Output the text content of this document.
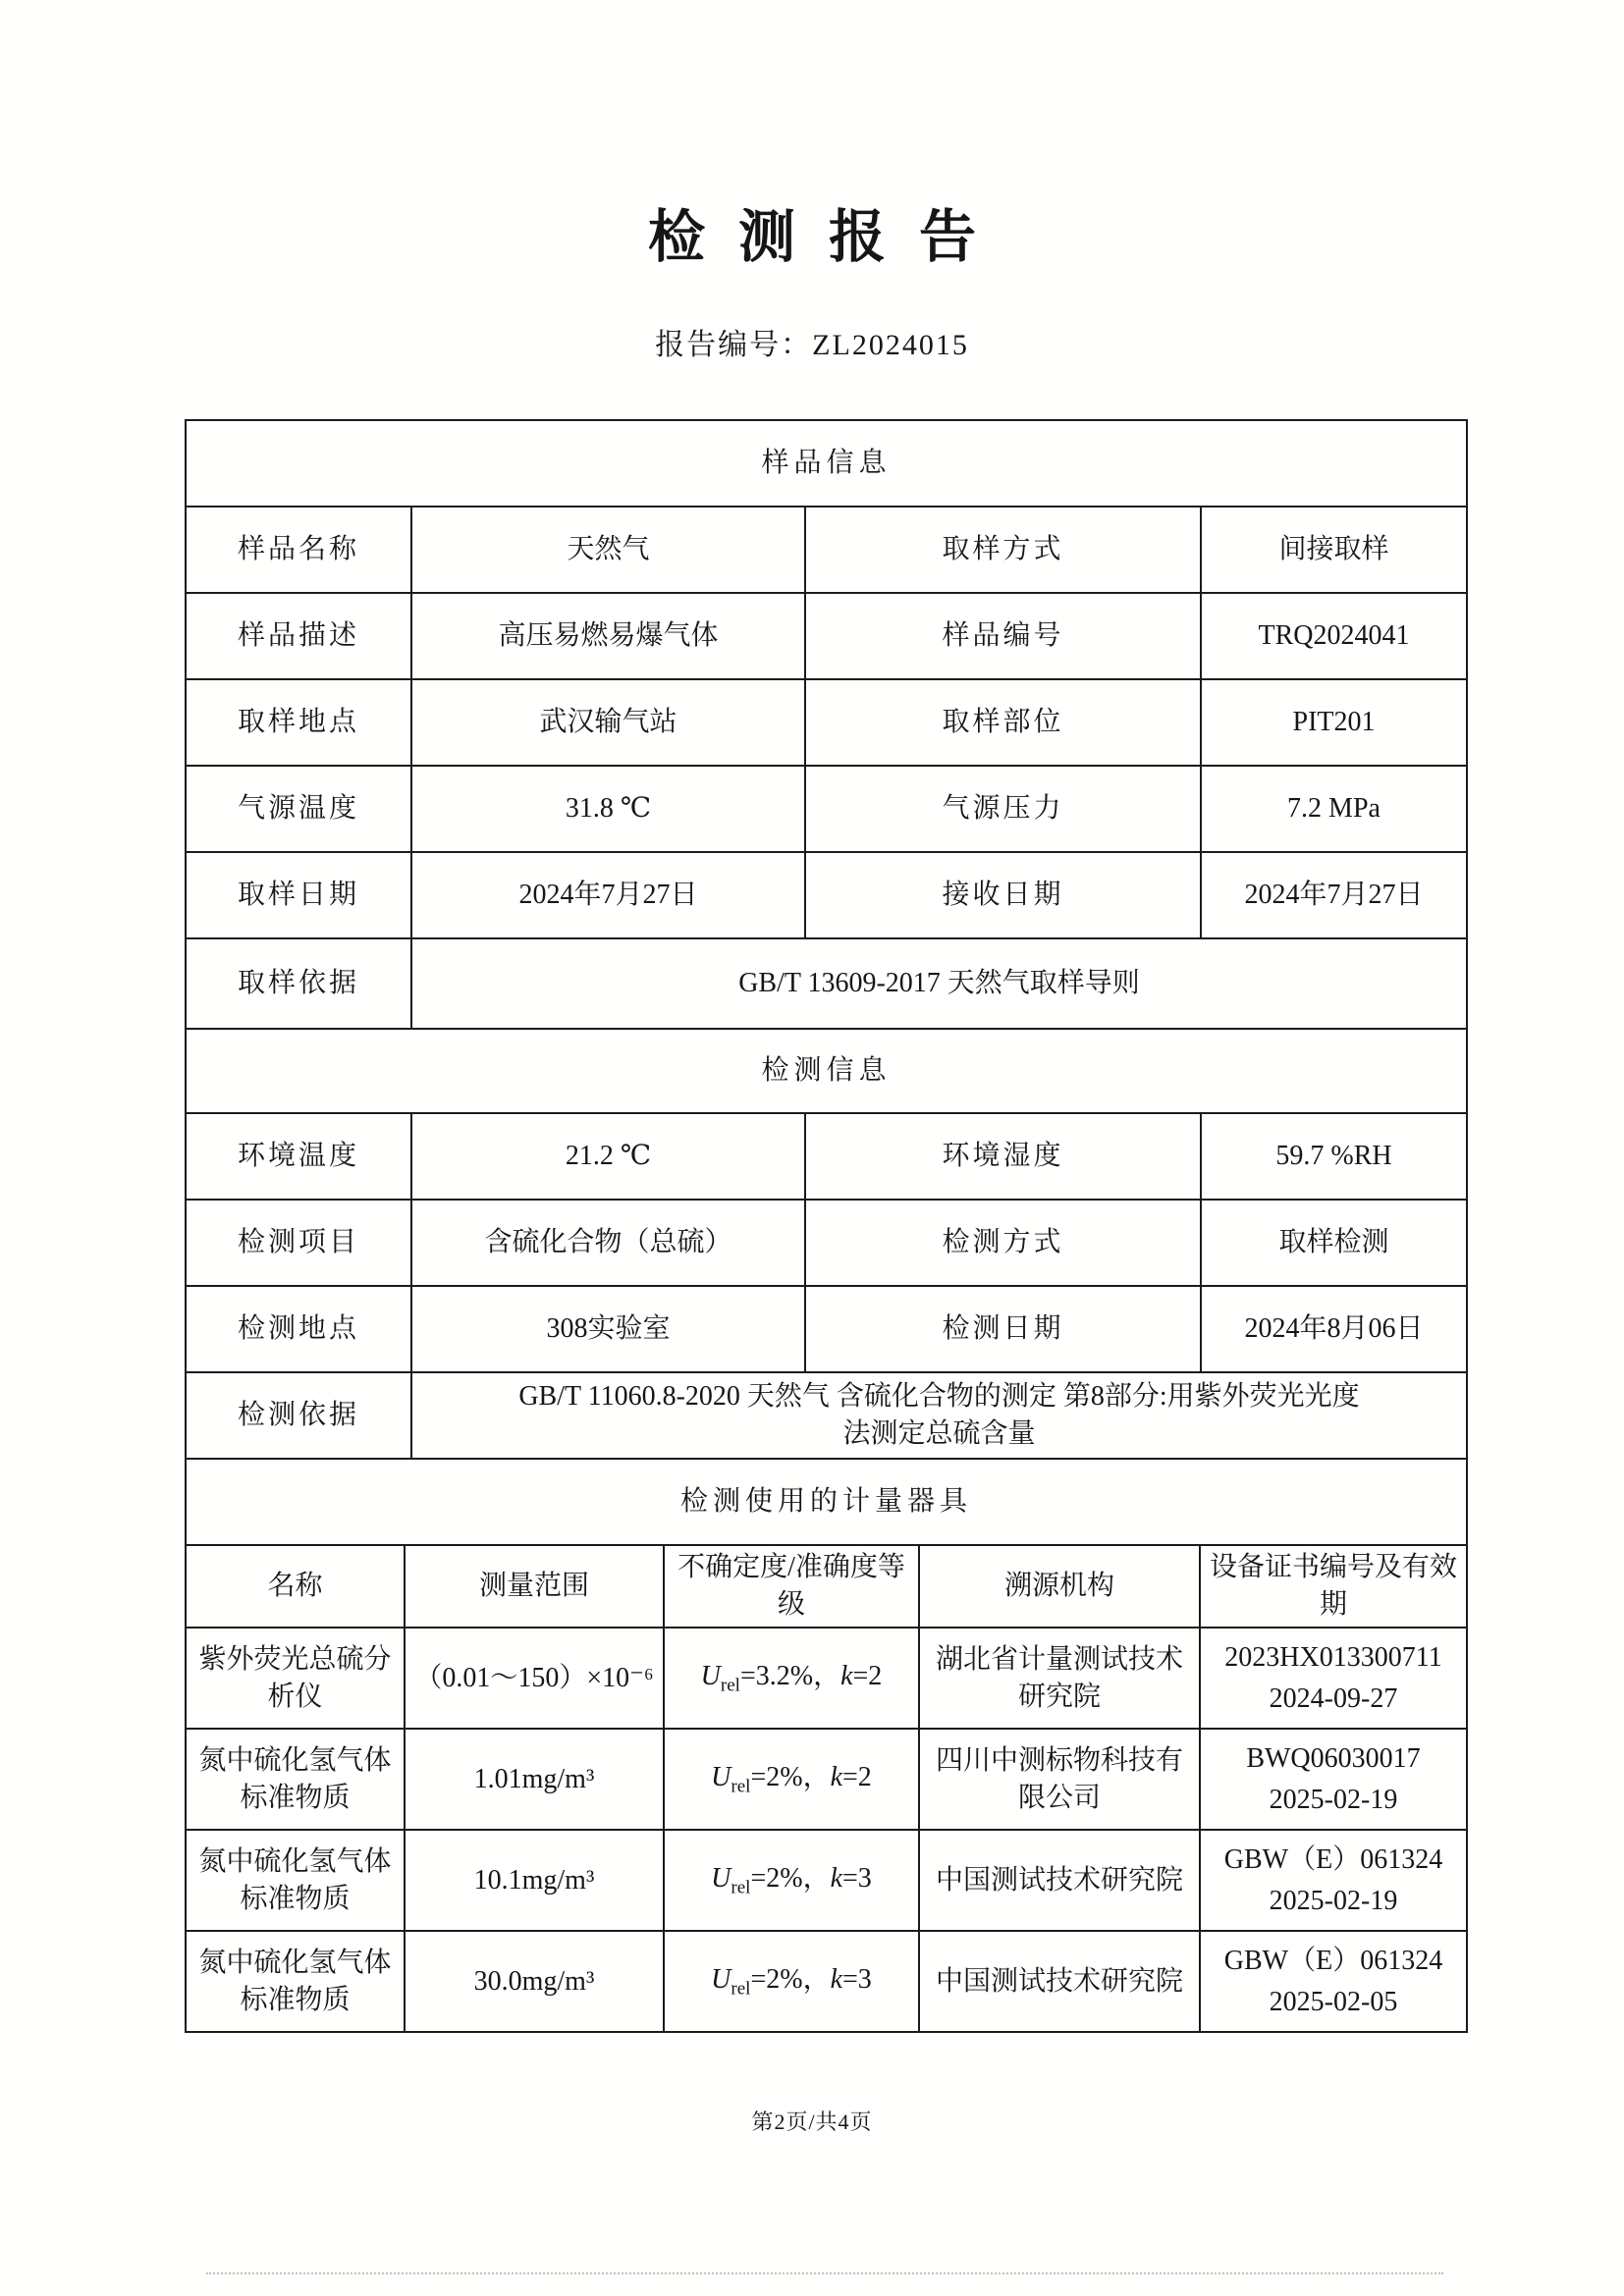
检测报告
报告编号：ZL2024015
样品信息			
样品名称	天然气	取样方式	间接取样
样品描述	高压易燃易爆气体	样品编号	TRQ2024041
取样地点	武汉输气站	取样部位	PIT201
气源温度	31.8 ℃	气源压力	7.2 MPa
取样日期	2024年7月27日	接收日期	2024年7月27日
取样依据	GB/T 13609-2017 天然气取样导则		
检测信息			
环境温度	21.2 ℃	环境湿度	59.7 %RH
检测项目	含硫化合物（总硫）	检测方式	取样检测
检测地点	308实验室	检测日期	2024年8月06日
检测依据	GB/T 11060.8-2020 天然气 含硫化合物的测定 第8部分:用紫外荧光光度
法测定总硫含量		
检测使用的计量器具				
名称	测量范围	不确定度/准确度等级	溯源机构	设备证书编号及有效期
紫外荧光总硫分析仪	（0.01～150）×10⁻⁶	$U_{rel}=3.2\%$，k=2	湖北省计量测试技术研究院	2023HX013300711
2024-09-27

氮中硫化氢气体标准物质	1.01mg/m³	$U_{rel}=2\%$，k=2	四川中测标物科技有限公司	BWQ06030017
2025-02-19

氮中硫化氢气体标准物质	10.1mg/m³	$U_{rel}=2\%$，k=3	中国测试技术研究院	GBW（E）061324
2025-02-19

氮中硫化氢气体标准物质	30.0mg/m³	$U_{rel}=2\%$，k=3	中国测试技术研究院	GBW（E）061324
2025-02-05
第2页/共4页
